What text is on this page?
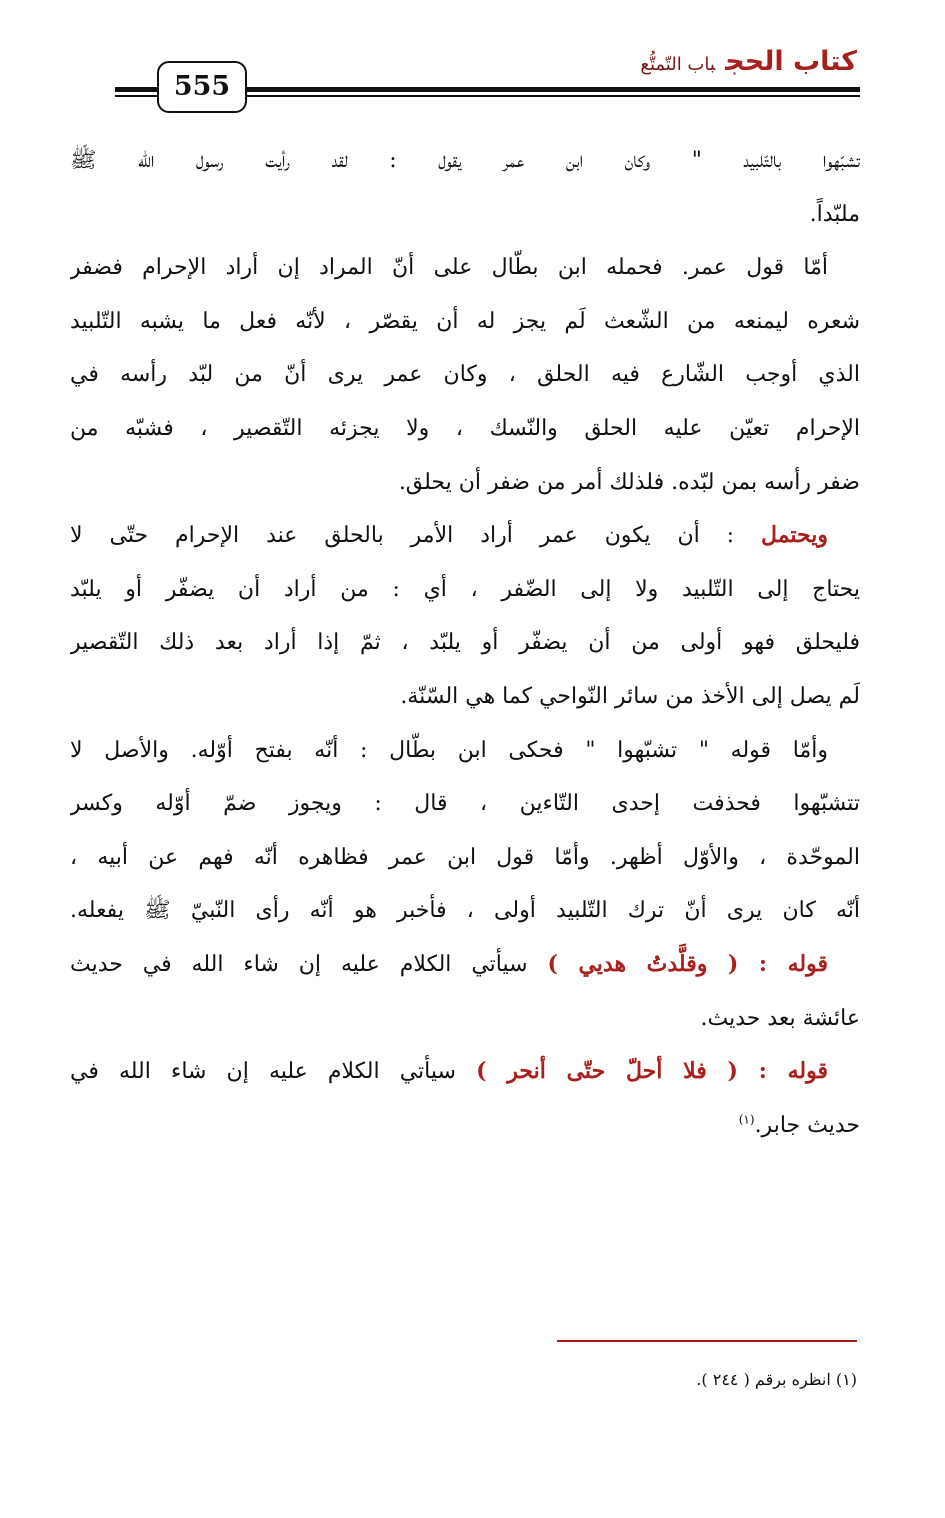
كتاب الحجباب التّمتُّع
555
تشبّهوا بالتّلبيد " وكان ابن عمر يقول : لقد رأيت رسول الله ﷺ
ملبّداً.
أمّا قول عمر. فحمله ابن بطّال على أنّ المراد إن أراد الإحرام فضفر
شعره ليمنعه من الشّعث لَم يجز له أن يقصّر ، لأنّه فعل ما يشبه التّلبيد
الذي أوجب الشّارع فيه الحلق ، وكان عمر يرى أنّ من لبّد رأسه في
الإحرام تعيّن عليه الحلق والنّسك ، ولا يجزئه التّقصير ، فشبّه من
ضفر رأسه بمن لبّده. فلذلك أمر من ضفر أن يحلق.
ويحتمل : أن يكون عمر أراد الأمر بالحلق عند الإحرام حتّى لا
يحتاج إلى التّلبيد ولا إلى الضّفر ، أي : من أراد أن يضفّر أو يلبّد
فليحلق فهو أولى من أن يضفّر أو يلبّد ، ثمّ إذا أراد بعد ذلك التّقصير
لَم يصل إلى الأخذ من سائر النّواحي كما هي السّنّة.
وأمّا قوله " تشبّهوا " فحكى ابن بطّال : أنّه بفتح أوّله. والأصل لا
تتشبّهوا فحذفت إحدى التّاءين ، قال : ويجوز ضمّ أوّله وكسر
الموحّدة ، والأوّل أظهر. وأمّا قول ابن عمر فظاهره أنّه فهم عن أبيه ،
أنّه كان يرى أنّ ترك التّلبيد أولى ، فأخبر هو أنّه رأى النّبيّ ﷺ يفعله.
قوله : ( وقلَّدتُ هديي ) سيأتي الكلام عليه إن شاء الله في حديث
عائشة بعد حديث.
قوله : ( فلا أحلّ حتّى أنحر ) سيأتي الكلام عليه إن شاء الله في
حديث جابر.$^{(١)}$
(١) انظره برقم ( ٢٤٤ ).
